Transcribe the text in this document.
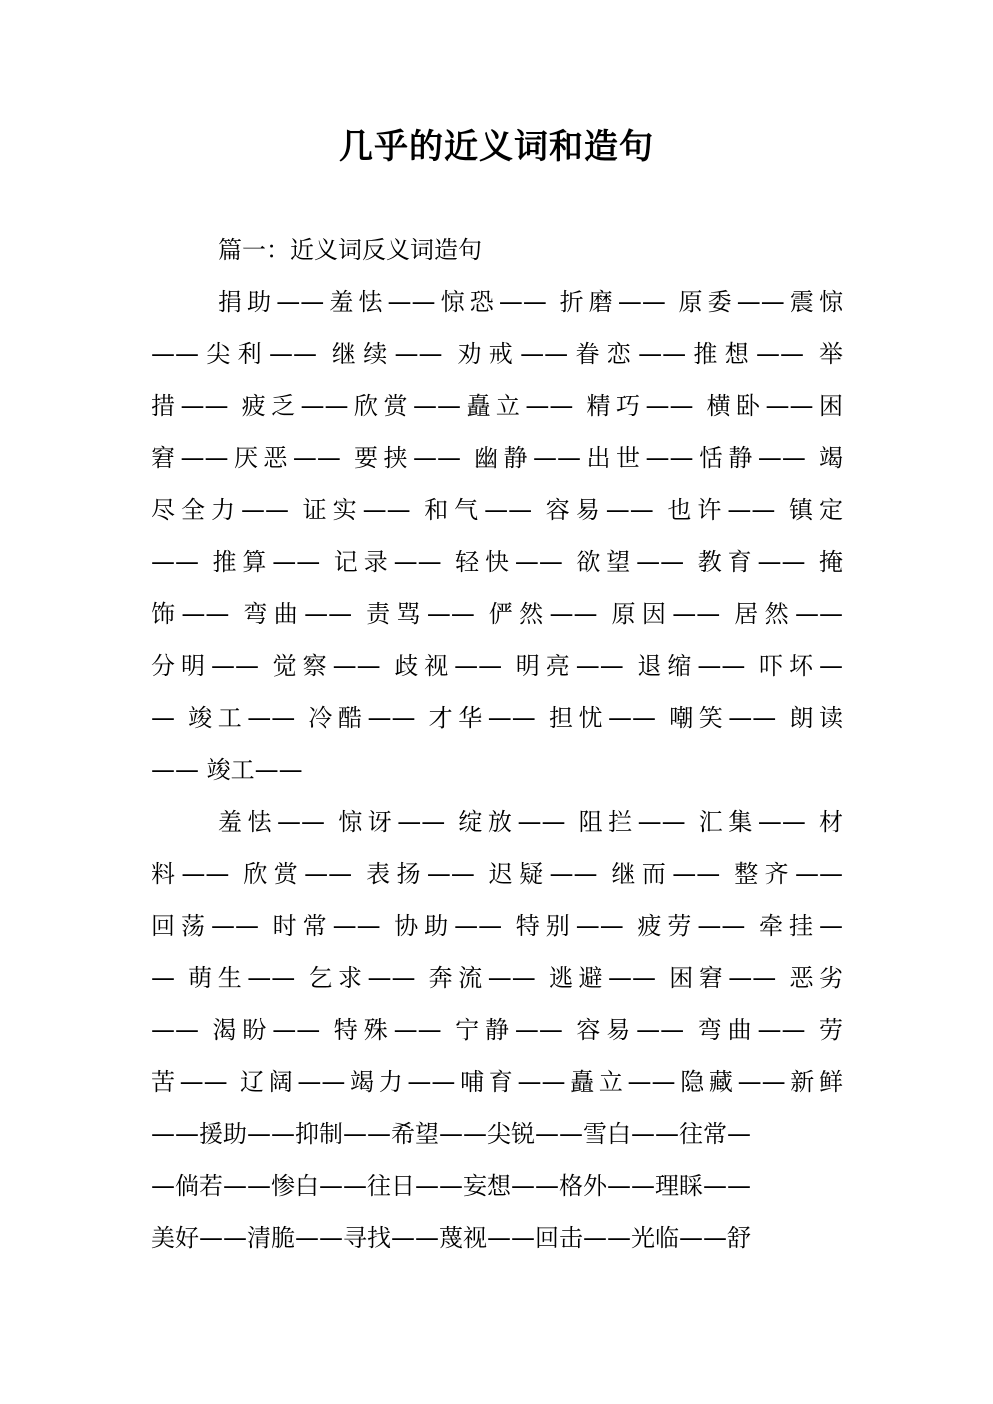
几乎的近义词和造句
篇一：近义词反义词造句
捐助——羞怯——惊恐—— 折磨—— 原委——震惊
——尖利—— 继续—— 劝戒——眷恋——推想—— 举
措—— 疲乏——欣赏——矗立—— 精巧—— 横卧——困
窘——厌恶—— 要挟—— 幽静——出世——恬静—— 竭
尽全力—— 证实—— 和气—— 容易—— 也许—— 镇定
—— 推算—— 记录—— 轻快—— 欲望—— 教育—— 掩
饰—— 弯曲—— 责骂—— 俨然—— 原因—— 居然——
分明—— 觉察—— 歧视—— 明亮—— 退缩—— 吓坏—
— 竣工—— 冷酷—— 才华—— 担忧—— 嘲笑—— 朗读
—— 竣工——
羞怯—— 惊讶—— 绽放—— 阻拦—— 汇集—— 材
料—— 欣赏—— 表扬—— 迟疑—— 继而—— 整齐——
回荡—— 时常—— 协助—— 特别—— 疲劳—— 牵挂—
— 萌生—— 乞求—— 奔流—— 逃避—— 困窘—— 恶劣
—— 渴盼—— 特殊—— 宁静—— 容易—— 弯曲—— 劳
苦—— 辽阔——竭力——哺育——矗立——隐藏——新鲜
——援助——抑制——希望——尖锐——雪白——往常—
—倘若——惨白——往日——妄想——格外——理睬——
美好——清脆——寻找——蔑视——回击——光临——舒
